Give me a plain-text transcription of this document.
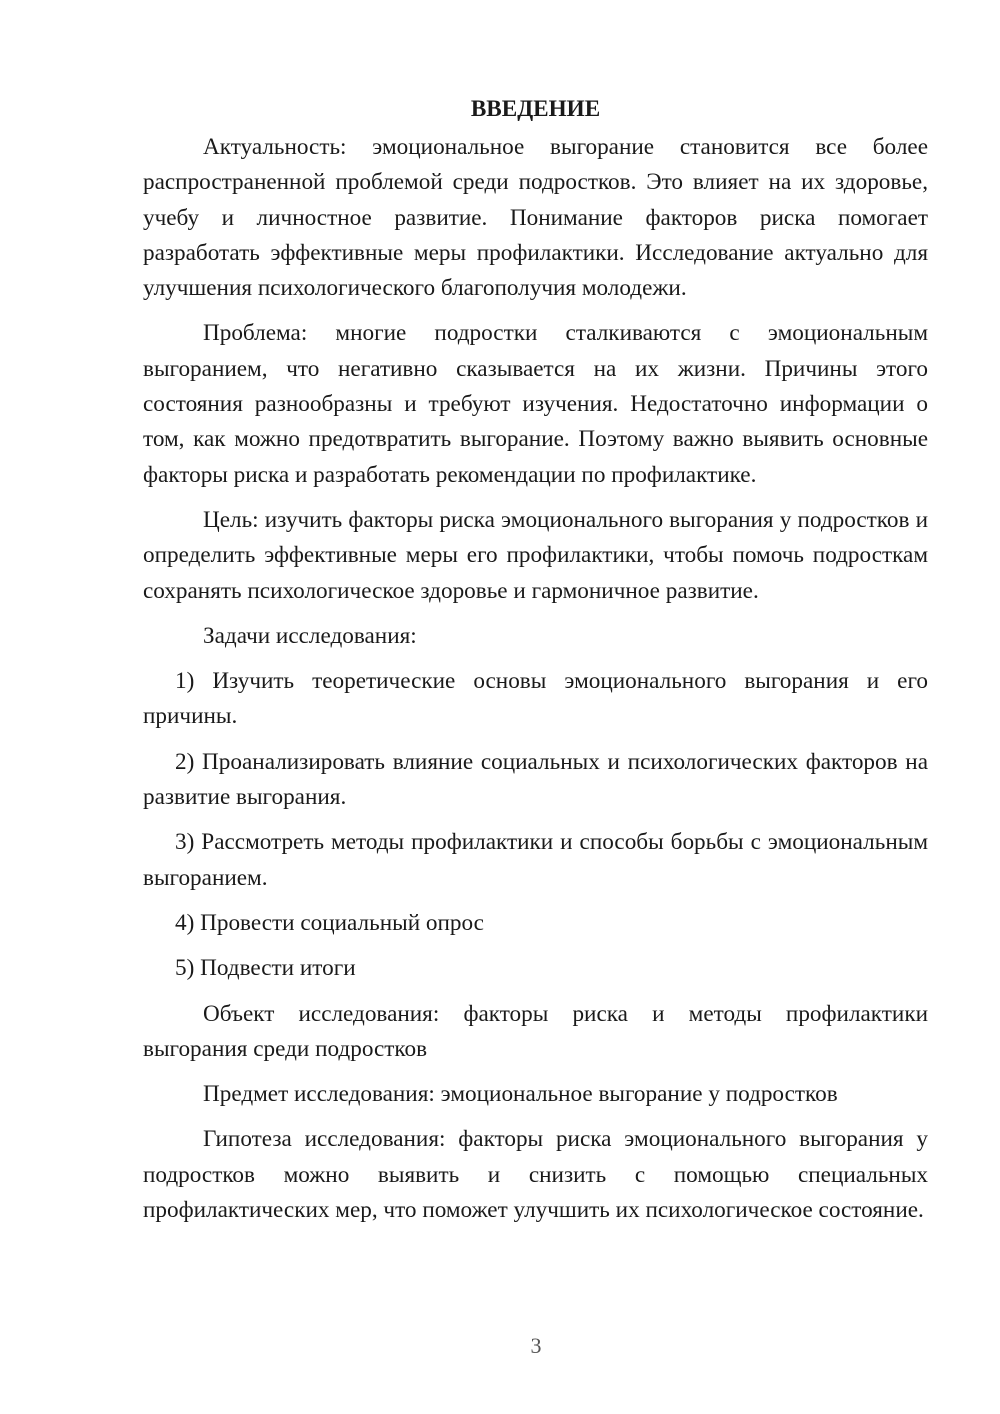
ВВЕДЕНИЕ

Актуальность: эмоциональное выгорание становится все более распространенной проблемой среди подростков. Это влияет на их здоровье, учебу и личностное развитие. Понимание факторов риска помогает разработать эффективные меры профилактики. Исследование актуально для улучшения психологического благополучия молодежи.

Проблема: многие подростки сталкиваются с эмоциональным выгоранием, что негативно сказывается на их жизни. Причины этого состояния разнообразны и требуют изучения. Недостаточно информации о том, как можно предотвратить выгорание. Поэтому важно выявить основные факторы риска и разработать рекомендации по профилактике.

Цель: изучить факторы риска эмоционального выгорания у подростков и определить эффективные меры его профилактики, чтобы помочь подросткам сохранять психологическое здоровье и гармоничное развитие.

Задачи исследования:

1) Изучить теоретические основы эмоционального выгорания и его причины.

2) Проанализировать влияние социальных и психологических факторов на развитие выгорания.

3) Рассмотреть методы профилактики и способы борьбы с эмоциональным выгоранием.

4) Провести социальный опрос

5) Подвести итоги

Объект исследования: факторы риска и методы профилактики выгорания среди подростков

Предмет исследования: эмоциональное выгорание у подростков

Гипотеза исследования: факторы риска эмоционального выгорания у подростков можно выявить и снизить с помощью специальных профилактических мер, что поможет улучшить их психологическое состояние.

3
